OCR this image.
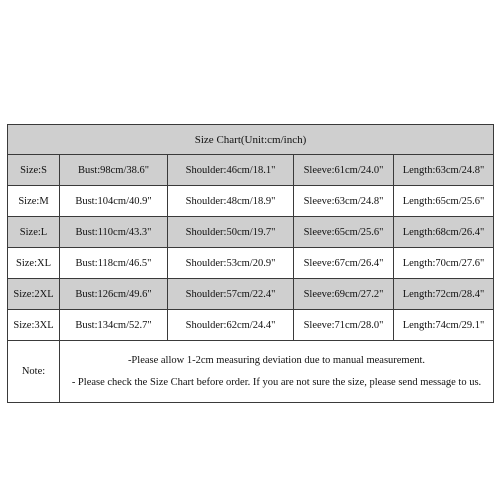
Size Chart(Unit:cm/inch)				
Size:S	Bust:98cm/38.6"	Shoulder:46cm/18.1"	Sleeve:61cm/24.0"	Length:63cm/24.8"
Size:M	Bust:104cm/40.9"	Shoulder:48cm/18.9"	Sleeve:63cm/24.8"	Length:65cm/25.6"
Size:L	Bust:110cm/43.3"	Shoulder:50cm/19.7"	Sleeve:65cm/25.6"	Length:68cm/26.4"
Size:XL	Bust:118cm/46.5"	Shoulder:53cm/20.9"	Sleeve:67cm/26.4"	Length:70cm/27.6"
Size:2XL	Bust:126cm/49.6"	Shoulder:57cm/22.4"	Sleeve:69cm/27.2"	Length:72cm/28.4"
Size:3XL	Bust:134cm/52.7"	Shoulder:62cm/24.4"	Sleeve:71cm/28.0"	Length:74cm/29.1"
Note:	-Please allow 1-2cm measuring deviation due to manual measurement.
- Please check the Size Chart before order. If you are not sure the size, please send message to us.			
